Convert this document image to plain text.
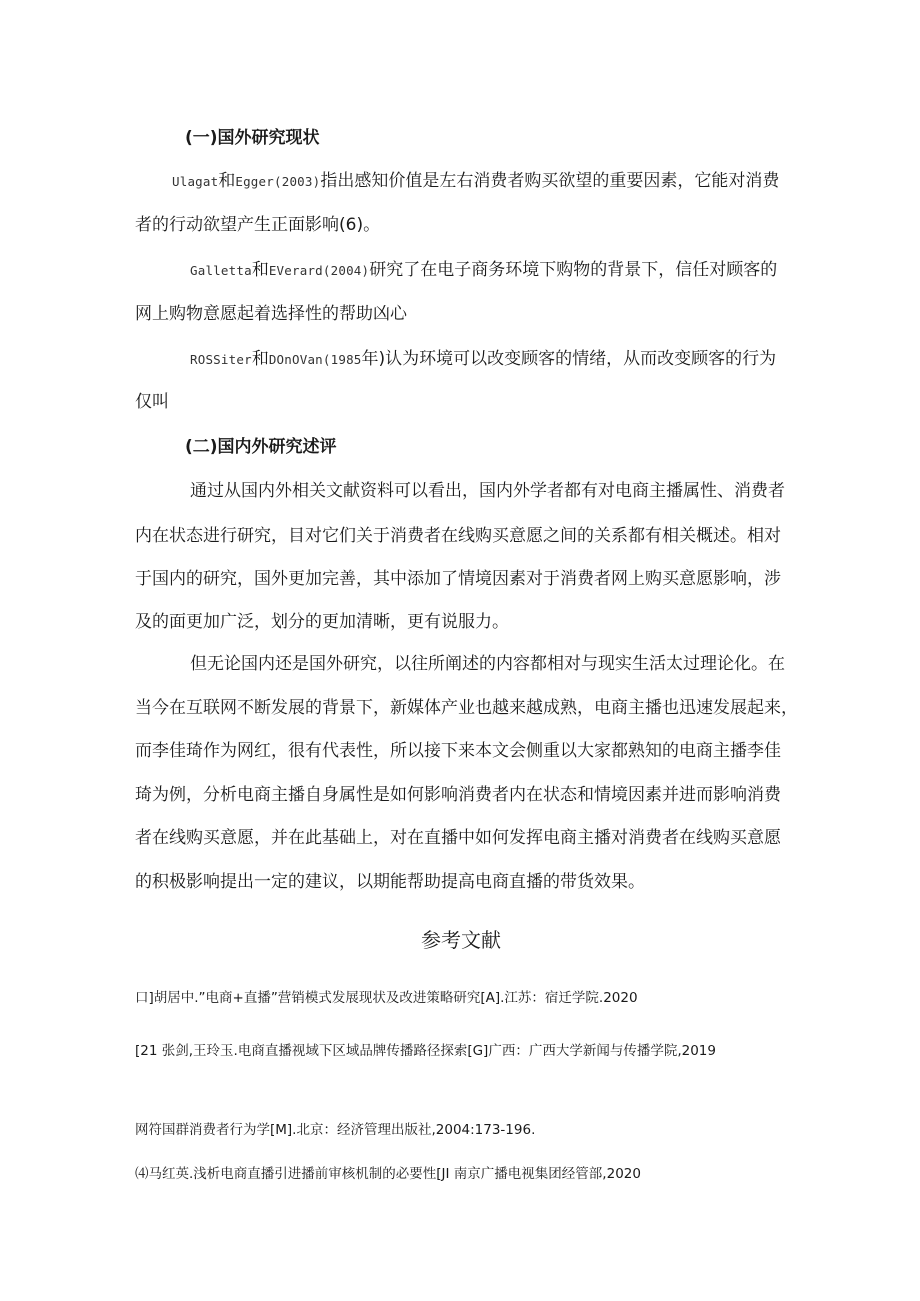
(一)国外研究现状

Ulagat和Egger(2003)指出感知价值是左右消费者购买欲望的重要因素，它能对消费

者的行动欲望产生正面影响(6)。

Galletta和EVerard(2004)研究了在电子商务环境下购物的背景下，信任对顾客的

网上购物意愿起着选择性的帮助凶心

ROSSiter和DOnOVan(1985年)认为环境可以改变顾客的情绪，从而改变顾客的行为

仅叫

(二)国内外研究述评

通过从国内外相关文献资料可以看出，国内外学者都有对电商主播属性、消费者

内在状态进行研究，目对它们关于消费者在线购买意愿之间的关系都有相关概述。相对

于国内的研究，国外更加完善，其中添加了情境因素对于消费者网上购买意愿影响，涉

及的面更加广泛，划分的更加清晰，更有说服力。

但无论国内还是国外研究，以往所阐述的内容都相对与现实生活太过理论化。在

当今在互联网不断发展的背景下，新媒体产业也越来越成熟，电商主播也迅速发展起来，

而李佳琦作为网红，很有代表性，所以接下来本文会侧重以大家都熟知的电商主播李佳

琦为例，分析电商主播自身属性是如何影响消费者内在状态和情境因素并进而影响消费

者在线购买意愿，并在此基础上，对在直播中如何发挥电商主播对消费者在线购买意愿

的积极影响提出一定的建议，以期能帮助提高电商直播的带货效果。

参考文献

口]胡居中.”电商+直播”营销模式发展现状及改进策略研究[A].江苏：宿迁学院.2020

[21 张剑,王玲玉.电商直播视域下区域品牌传播路径探索[G]广西：广西大学新闻与传播学院,2019

网符国群消费者行为学[M].北京：经济管理出版社,2004:173-196.

⑷马红英.浅析电商直播引进播前审核机制的必要性[JI 南京广播电视集团经管部,2020
